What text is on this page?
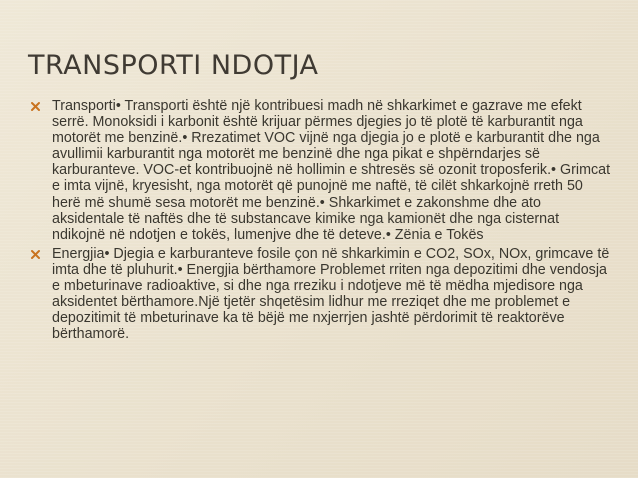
TRANSPORTI NDOTJA
Transporti• Transporti është një kontribuesi madh në shkarkimet e gazrave me efekt serrë. Monoksidi i karbonit është krijuar përmes djegies jo të plotë të karburantit nga motorët me benzinë.• Rrezatimet VOC vijnë nga djegia jo e plotë e karburantit dhe nga avullimii karburantit nga motorët me benzinë dhe nga pikat e shpërndarjes së karburanteve. VOC-et kontribuojnë në hollimin e shtresës së ozonit troposferik.• Grimcat e imta vijnë, kryesisht, nga motorët që punojnë me naftë, të cilët shkarkojnë rreth 50 herë më shumë sesa motorët me benzinë.• Shkarkimet e zakonshme dhe ato aksidentale të naftës dhe të substancave kimike nga kamionët dhe nga cisternat ndikojnë në ndotjen e tokës, lumenjve dhe të deteve.• Zënia e Tokës
Energjia• Djegia e karburanteve fosile çon në shkarkimin e CO2, SOx, NOx, grimcave të imta dhe të pluhurit.• Energjia bërthamore Problemet rriten nga depozitimi dhe vendosja e mbeturinave radioaktive, si dhe nga rreziku i ndotjeve më të mëdha mjedisore nga aksidentet bërthamore.Një tjetër shqetësim lidhur me rreziqet dhe me problemet e depozitimit të mbeturinave ka të bëjë me nxjerrjen jashtë përdorimit të reaktorëve bërthamorë.
